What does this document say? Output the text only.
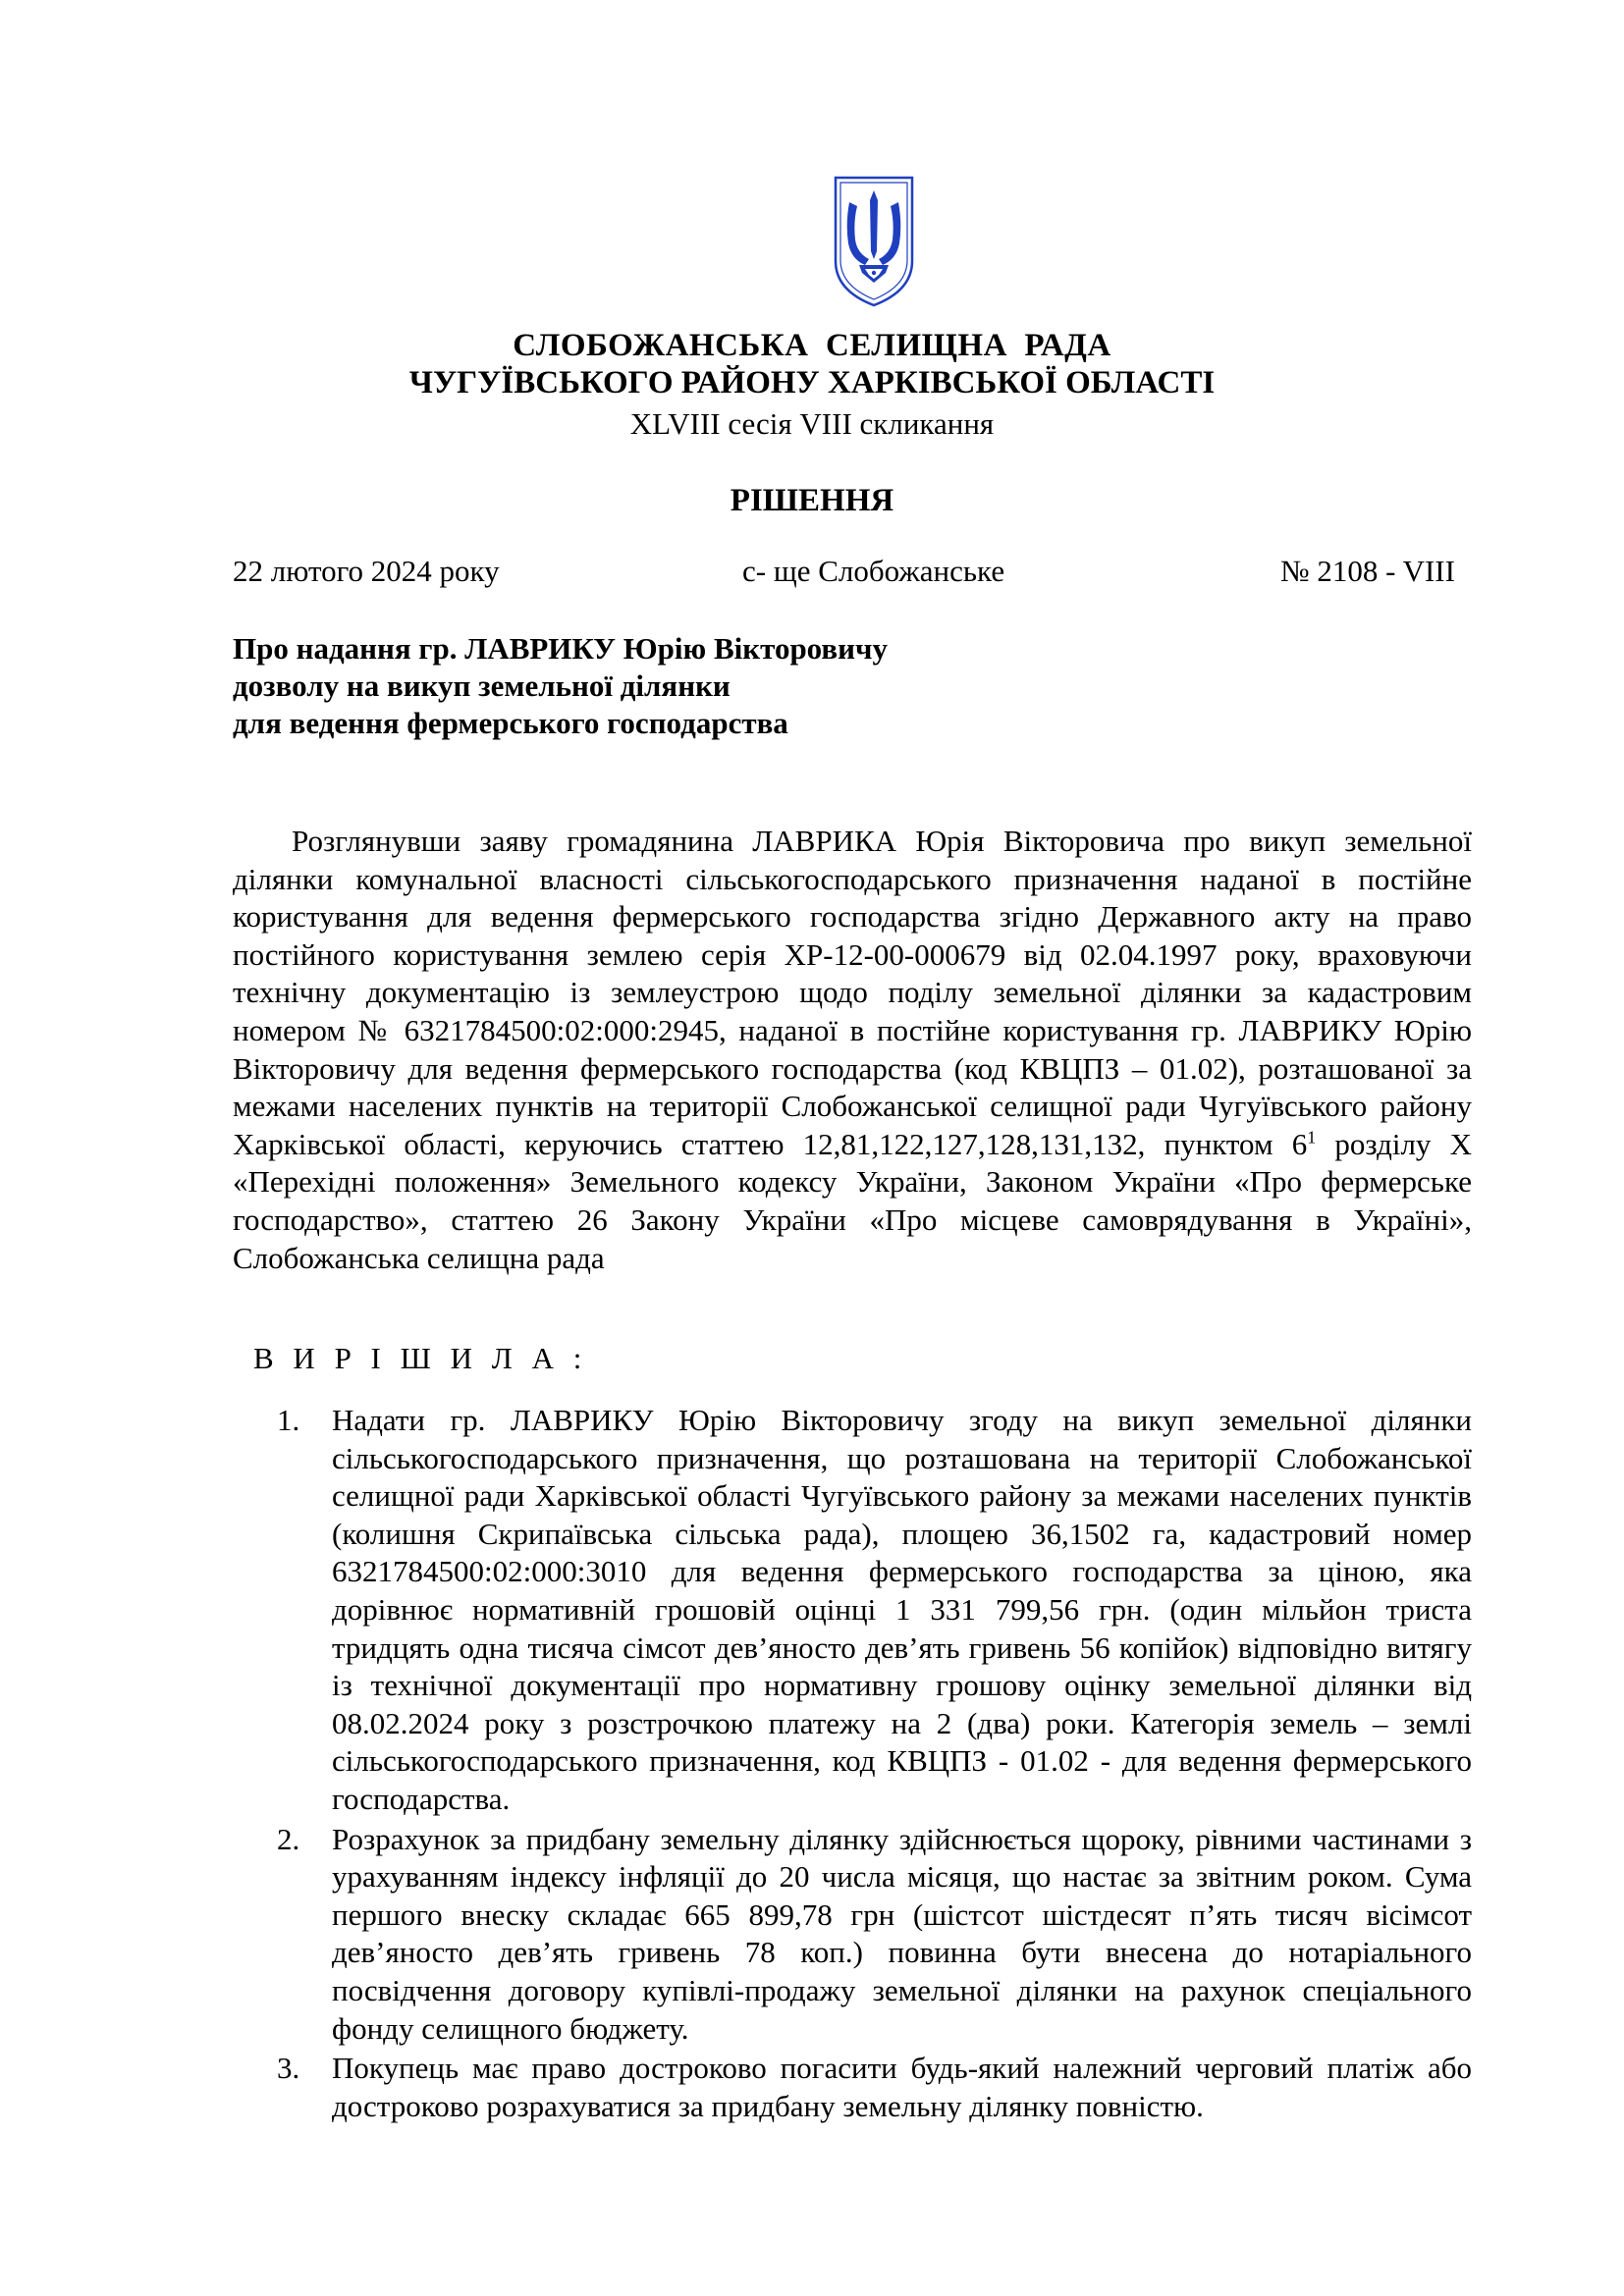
СЛОБОЖАНСЬКА  СЕЛИЩНА  РАДА
ЧУГУЇВСЬКОГО РАЙОНУ ХАРКІВСЬКОЇ ОБЛАСТІ
XLVIII сесія VIII скликання
РІШЕННЯ
22 лютого 2024 року	с- ще Слобожанське	№ 2108 - VIII
Про надання гр. ЛАВРИКУ Юрію Вікторовичу
дозволу на викуп земельної ділянки
для ведення фермерського господарства
Розглянувши заяву громадянина ЛАВРИКА Юрія Вікторовича про викуп земельної ділянки комунальної власності сільськогосподарського призначення наданої в постійне користування для ведення фермерського господарства згідно Державного акту на право постійного користування землею серія ХР-12-00-000679 від 02.04.1997 року, враховуючи технічну документацію із землеустрою щодо поділу земельної ділянки за кадастровим номером № 6321784500:02:000:2945, наданої в постійне користування гр. ЛАВРИКУ Юрію Вікторовичу для ведення фермерського господарства (код КВЦПЗ – 01.02), розташованої за межами населених пунктів на території Слобожанської селищної ради Чугуївського району Харківської області, керуючись статтею 12,81,122,127,128,131,132, пунктом $6^1$ розділу Х «Перехідні положення» Земельного кодексу України, Законом України «Про фермерське господарство», статтею 26 Закону України «Про місцеве самоврядування в Україні», Слобожанська селищна рада
В И Р І Ш И Л А :
1.	Надати гр. ЛАВРИКУ Юрію Вікторовичу згоду на викуп земельної ділянки сільськогосподарського призначення, що розташована на території Слобожанської селищної ради Харківської області Чугуївського району за межами населених пунктів (колишня Скрипаївська сільська рада), площею 36,1502 га, кадастровий номер 6321784500:02:000:3010 для ведення фермерського господарства за ціною, яка дорівнює нормативній грошовій оцінці 1 331 799,56 грн. (один мільйон триста тридцять одна тисяча сімсот дев’яносто дев’ять гривень 56 копійок) відповідно витягу із технічної документації про нормативну грошову оцінку земельної ділянки від 08.02.2024 року з розстрочкою платежу на 2 (два) роки. Категорія земель – землі сільськогосподарського призначення, код КВЦПЗ - 01.02 - для ведення фермерського господарства.
2.	Розрахунок за придбану земельну ділянку здійснюється щороку, рівними частинами з урахуванням індексу інфляції до 20 числа місяця, що настає за звітним роком. Сума першого внеску складає 665 899,78 грн (шістсот шістдесят п’ять тисяч вісімсот дев’яносто дев’ять гривень 78 коп.) повинна бути внесена до нотаріального посвідчення договору купівлі-продажу земельної ділянки на рахунок спеціального фонду селищного бюджету.
3.	Покупець має право достроково погасити будь-який належний черговий платіж або достроково розрахуватися за придбану земельну ділянку повністю.
